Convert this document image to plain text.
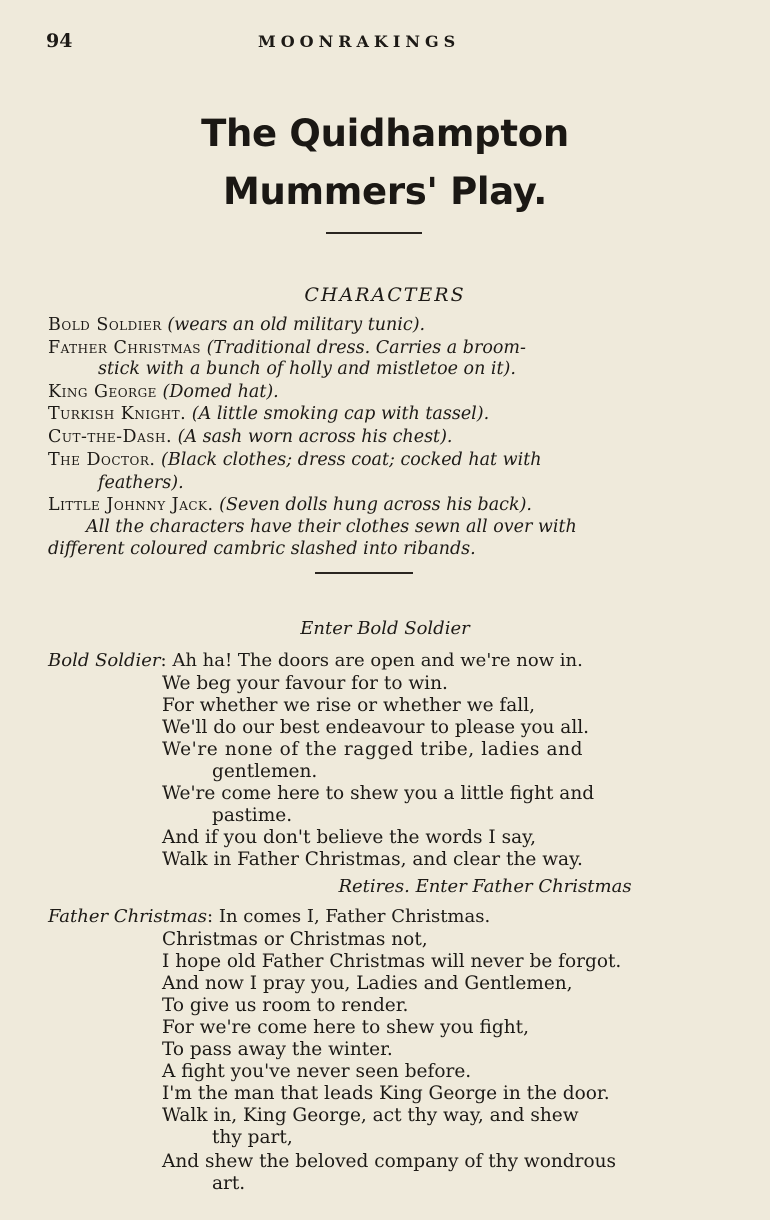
94	MOONRAKINGS
The Quidhampton
Mummers' Play.
CHARACTERS
Bold Soldier (wears an old military tunic).
Father Christmas (Traditional dress. Carries a broom-
stick with a bunch of holly and mistletoe on it).
King George (Domed hat).
Turkish Knight. (A little smoking cap with tassel).
Cut-the-Dash. (A sash worn across his chest).
The Doctor. (Black clothes; dress coat; cocked hat with
feathers).
Little Johnny Jack. (Seven dolls hung across his back).
All the characters have their clothes sewn all over with
different coloured cambric slashed into ribands.
Enter Bold Soldier
Bold Soldier: Ah ha! The doors are open and we're now in.
We beg your favour for to win.
For whether we rise or whether we fall,
We'll do our best endeavour to please you all.
We're none of the ragged tribe, ladies and
gentlemen.
We're come here to shew you a little fight and
pastime.
And if you don't believe the words I say,
Walk in Father Christmas, and clear the way.
Retires. Enter Father Christmas
Father Christmas: In comes I, Father Christmas.
Christmas or Christmas not,
I hope old Father Christmas will never be forgot.
And now I pray you, Ladies and Gentlemen,
To give us room to render.
For we're come here to shew you fight,
To pass away the winter.
A fight you've never seen before.
I'm the man that leads King George in the door.
Walk in, King George, act thy way, and shew
thy part,
And shew the beloved company of thy wondrous
art.
